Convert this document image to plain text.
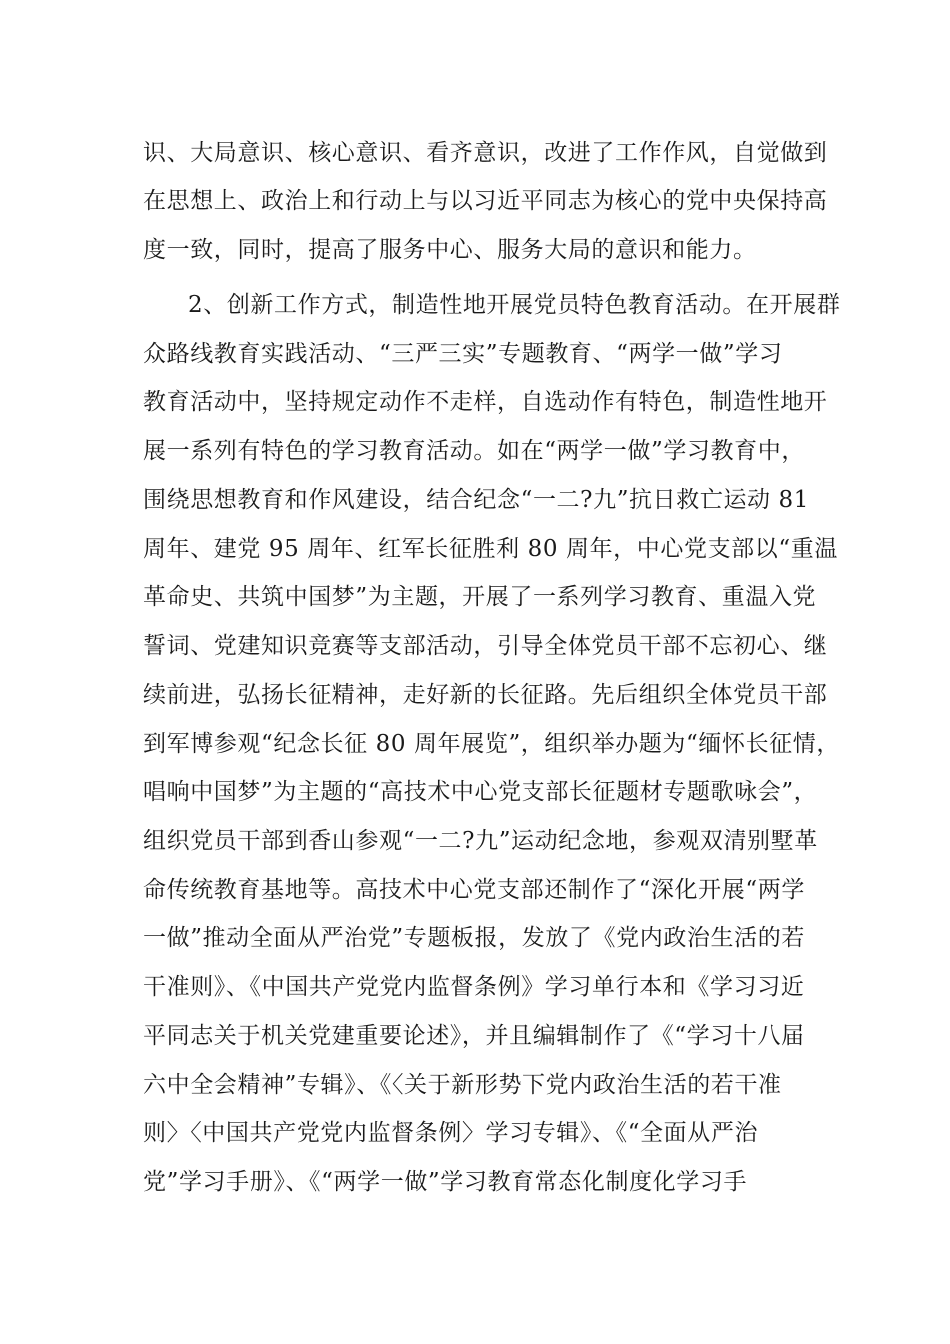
识、大局意识、核心意识、看齐意识，改进了工作作风，自觉做到
在思想上、政治上和行动上与以习近平同志为核心的党中央保持高
度一致，同时，提高了服务中心、服务大局的意识和能力。
2、创新工作方式，制造性地开展党员特色教育活动。在开展群
众路线教育实践活动、“三严三实”专题教育、“两学一做”学习
教育活动中，坚持规定动作不走样，自选动作有特色，制造性地开
展一系列有特色的学习教育活动。如在“两学一做”学习教育中，
围绕思想教育和作风建设，结合纪念“一二?九”抗日救亡运动 81
周年、建党 95 周年、红军长征胜利 80 周年，中心党支部以“重温
革命史、共筑中国梦”为主题，开展了一系列学习教育、重温入党
誓词、党建知识竞赛等支部活动，引导全体党员干部不忘初心、继
续前进，弘扬长征精神，走好新的长征路。先后组织全体党员干部
到军博参观“纪念长征 80 周年展览”，组织举办题为“缅怀长征情，
唱响中国梦”为主题的“高技术中心党支部长征题材专题歌咏会”，
组织党员干部到香山参观“一二?九”运动纪念地，参观双清别墅革
命传统教育基地等。高技术中心党支部还制作了“深化开展“两学
一做”推动全面从严治党”专题板报，发放了《党内政治生活的若
干准则》、《中国共产党党内监督条例》学习单行本和《学习习近
平同志关于机关党建重要论述》，并且编辑制作了《“学习十八届
六中全会精神”专辑》、《〈关于新形势下党内政治生活的若干准
则〉〈中国共产党党内监督条例〉学习专辑》、《“全面从严治
党”学习手册》、《“两学一做”学习教育常态化制度化学习手
